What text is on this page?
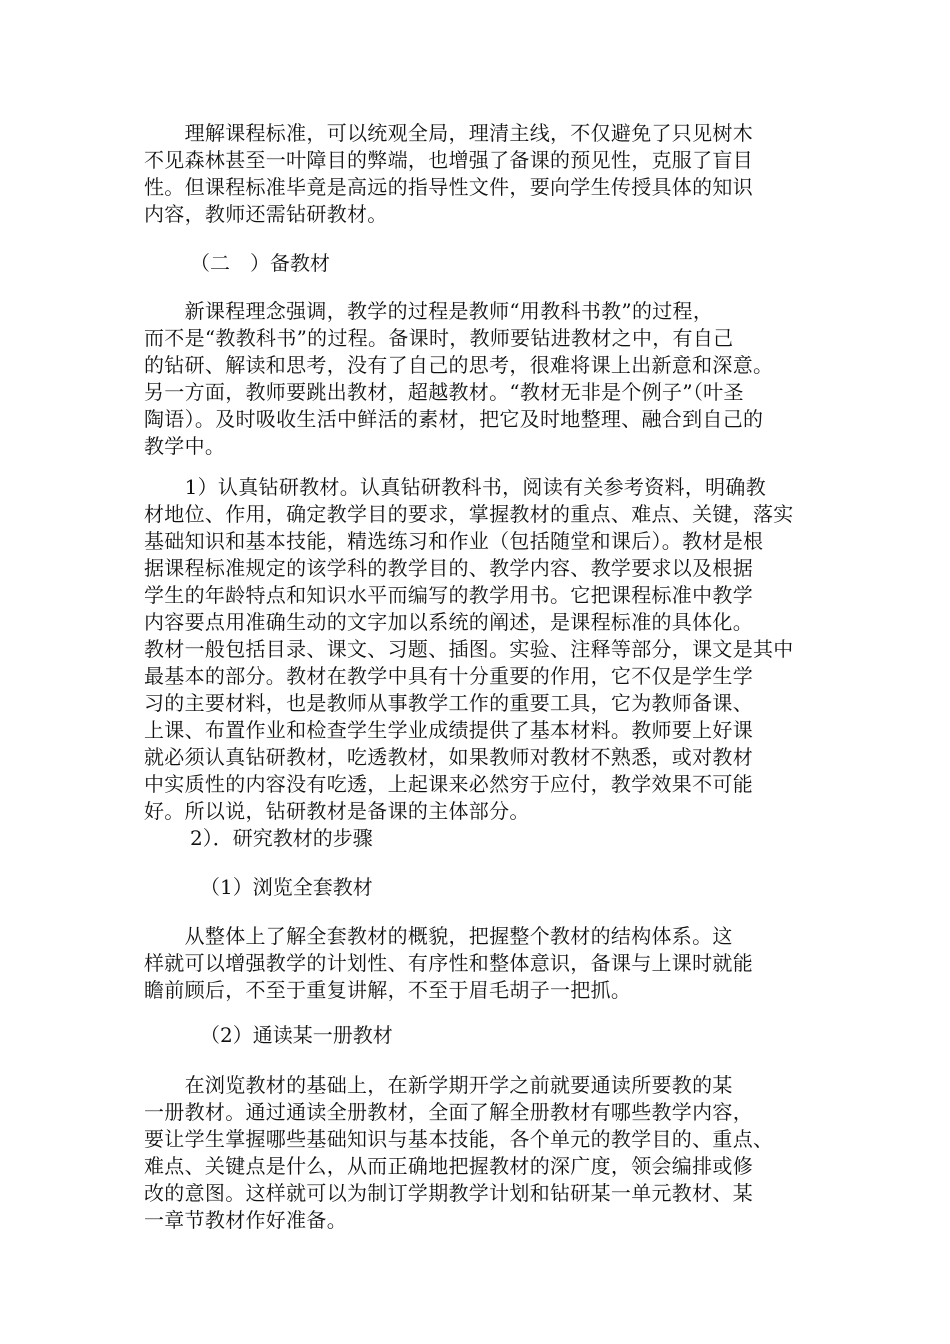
　　理解课程标准，可以统观全局，理清主线，不仅避免了只见树木
不见森林甚至一叶障目的弊端，也增强了备课的预见性，克服了盲目
性。但课程标准毕竟是高远的指导性文件，要向学生传授具体的知识
内容，教师还需钻研教材。
（二　）备教材
　　新课程理念强调，教学的过程是教师“用教科书教”的过程，
而不是“教教科书”的过程。备课时，教师要钻进教材之中，有自己
的钻研、解读和思考，没有了自己的思考，很难将课上出新意和深意。
另一方面，教师要跳出教材，超越教材。“教材无非是个例子”（叶圣
陶语）。及时吸收生活中鲜活的素材，把它及时地整理、融合到自己的
教学中。
　　1）认真钻研教材。认真钻研教科书，阅读有关参考资料，明确教
材地位、作用，确定教学目的要求，掌握教材的重点、难点、关键，落实
基础知识和基本技能，精选练习和作业（包括随堂和课后）。教材是根
据课程标准规定的该学科的教学目的、教学内容、教学要求以及根据
学生的年龄特点和知识水平而编写的教学用书。它把课程标准中教学
内容要点用准确生动的文字加以系统的阐述，是课程标准的具体化。
教材一般包括目录、课文、习题、插图。实验、注释等部分，课文是其中
最基本的部分。教材在教学中具有十分重要的作用，它不仅是学生学
习的主要材料，也是教师从事教学工作的重要工具，它为教师备课、
上课、布置作业和检查学生学业成绩提供了基本材料。教师要上好课
就必须认真钻研教材，吃透教材，如果教师对教材不熟悉，或对教材
中实质性的内容没有吃透，上起课来必然穷于应付，教学效果不可能
好。所以说，钻研教材是备课的主体部分。
2）．研究教材的步骤
（1）浏览全套教材
　　从整体上了解全套教材的概貌，把握整个教材的结构体系。这
样就可以增强教学的计划性、有序性和整体意识，备课与上课时就能
瞻前顾后，不至于重复讲解，不至于眉毛胡子一把抓。
（2）通读某一册教材
　　在浏览教材的基础上，在新学期开学之前就要通读所要教的某
一册教材。通过通读全册教材，全面了解全册教材有哪些教学内容，
要让学生掌握哪些基础知识与基本技能，各个单元的教学目的、重点、
难点、关键点是什么，从而正确地把握教材的深广度，领会编排或修
改的意图。这样就可以为制订学期教学计划和钻研某一单元教材、某
一章节教材作好准备。
